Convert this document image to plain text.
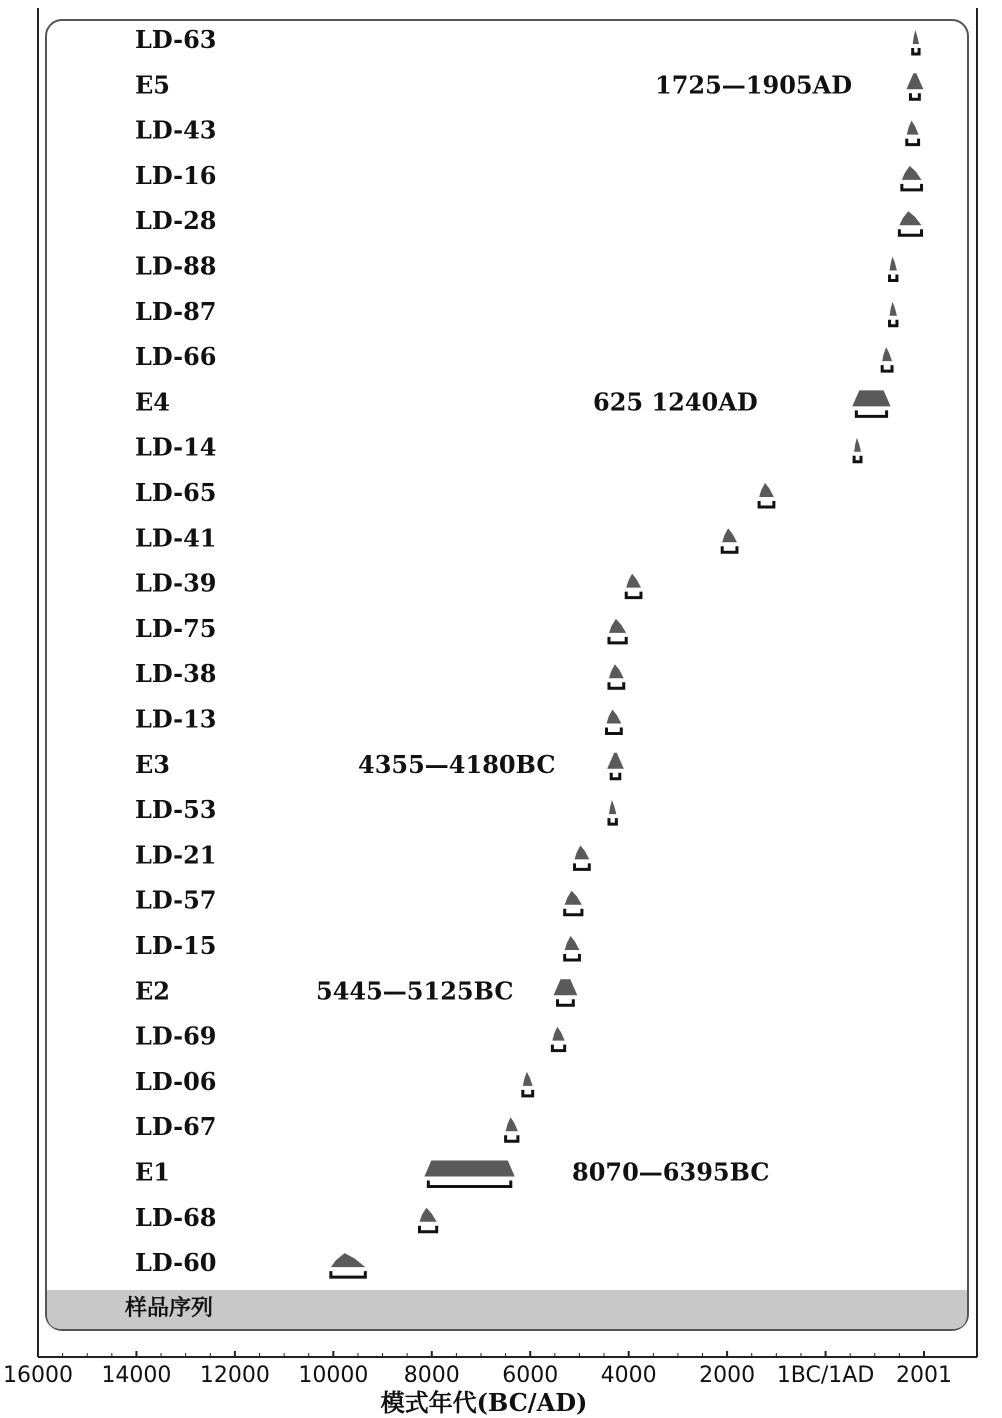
样品序列
LD-63
E5	1725—1905AD
LD-43
LD-16
LD-28
LD-88
LD-87
LD-66
E4	625 1240AD
LD-14
LD-65
LD-41
LD-39
LD-75
LD-38
LD-13
E3	4355—4180BC
LD-53
LD-21
LD-57
LD-15
E2	5445—5125BC
LD-69
LD-06
LD-67
E1	8070—6395BC
LD-68
LD-60
16000 14000 12000 10000 8000 6000 4000 2000 1BC/1AD 2001
模式年代(BC/AD)
